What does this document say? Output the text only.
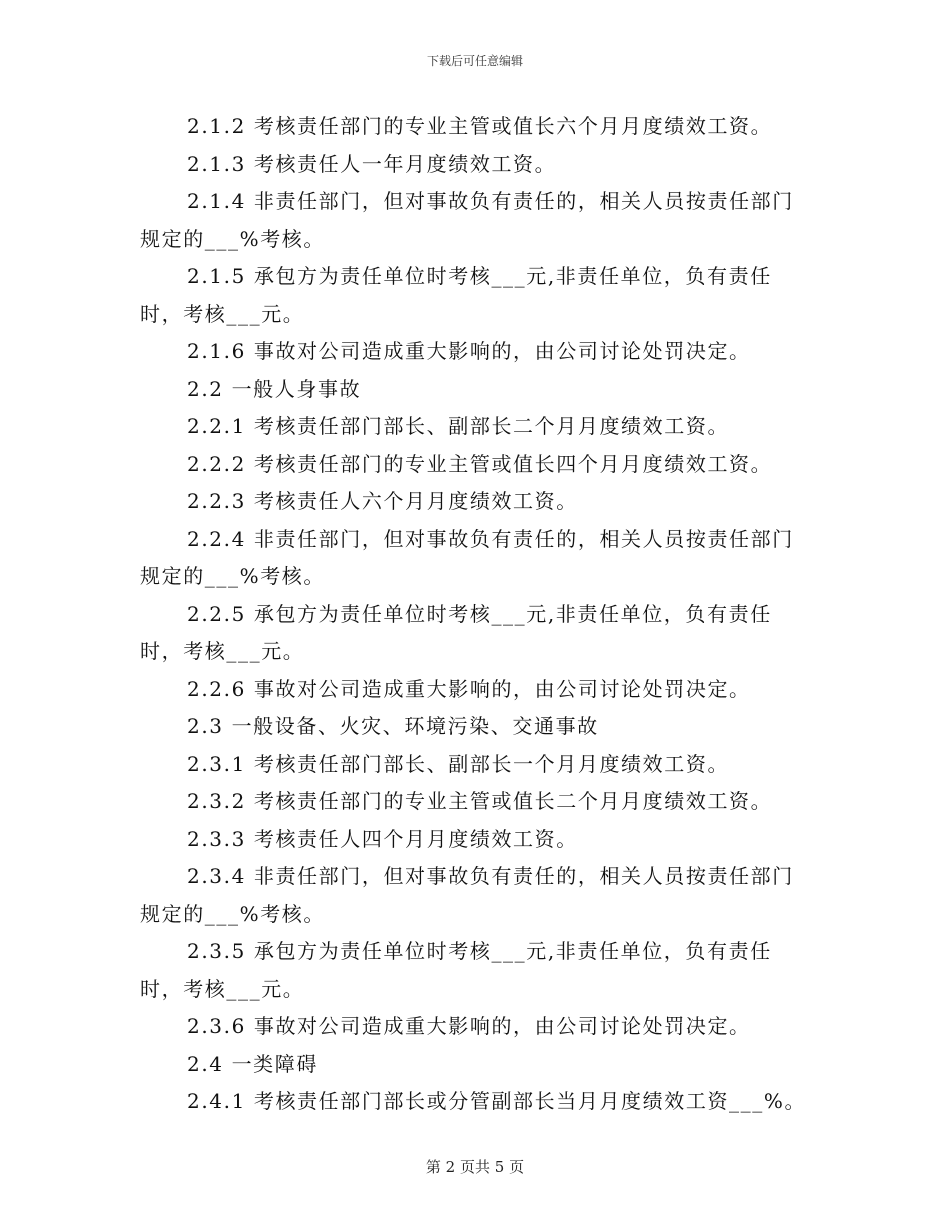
下载后可任意编辑

2.1.2 考核责任部门的专业主管或值长六个月月度绩效工资。

2.1.3 考核责任人一年月度绩效工资。

2.1.4 非责任部门，但对事故负有责任的，相关人员按责任部门规定的___%考核。

2.1.5 承包方为责任单位时考核___元,非责任单位，负有责任时，考核___元。

2.1.6 事故对公司造成重大影响的，由公司讨论处罚决定。

2.2 一般人身事故

2.2.1 考核责任部门部长、副部长二个月月度绩效工资。

2.2.2 考核责任部门的专业主管或值长四个月月度绩效工资。

2.2.3 考核责任人六个月月度绩效工资。

2.2.4 非责任部门，但对事故负有责任的，相关人员按责任部门规定的___%考核。

2.2.5 承包方为责任单位时考核___元,非责任单位，负有责任时，考核___元。

2.2.6 事故对公司造成重大影响的，由公司讨论处罚决定。

2.3 一般设备、火灾、环境污染、交通事故

2.3.1 考核责任部门部长、副部长一个月月度绩效工资。

2.3.2 考核责任部门的专业主管或值长二个月月度绩效工资。

2.3.3 考核责任人四个月月度绩效工资。

2.3.4 非责任部门，但对事故负有责任的，相关人员按责任部门规定的___%考核。

2.3.5 承包方为责任单位时考核___元,非责任单位，负有责任时，考核___元。

2.3.6 事故对公司造成重大影响的，由公司讨论处罚决定。

2.4 一类障碍

2.4.1 考核责任部门部长或分管副部长当月月度绩效工资___%。

第 2 页共 5 页
